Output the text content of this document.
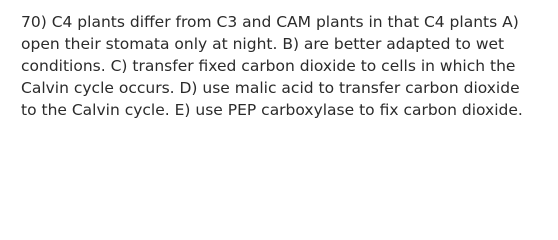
70) C4 plants differ from C3 and CAM plants in that C4 plants A)
open their stomata only at night. B) are better adapted to wet
conditions. C) transfer fixed carbon dioxide to cells in which the
Calvin cycle occurs. D) use malic acid to transfer carbon dioxide
to the Calvin cycle. E) use PEP carboxylase to fix carbon dioxide.
